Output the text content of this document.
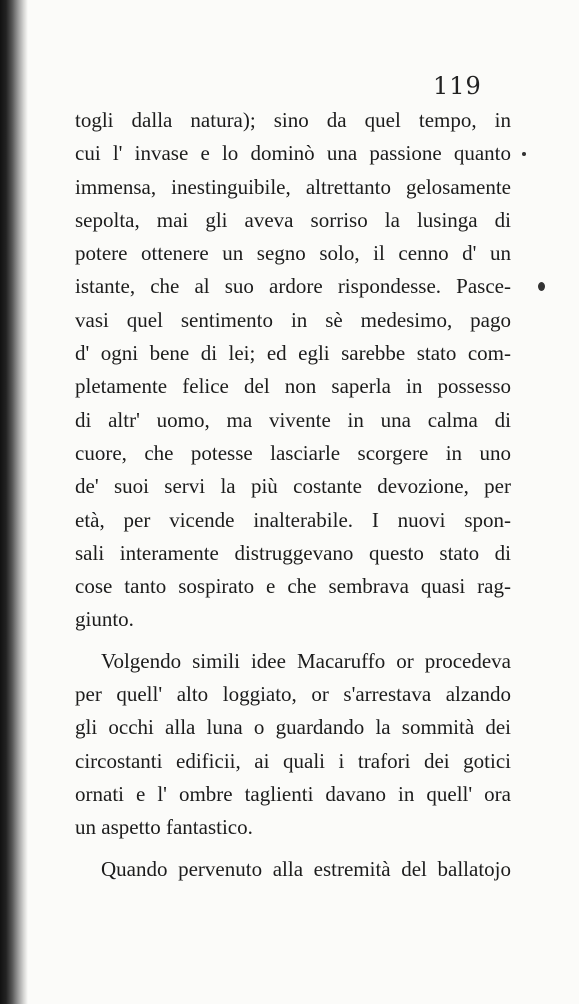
119
togli dalla natura); sino da quel tempo, in
cui l' invase e lo dominò una passione quanto
immensa, inestinguibile, altrettanto gelosamente
sepolta, mai gli aveva sorriso la lusinga di
potere ottenere un segno solo, il cenno d' un
istante, che al suo ardore rispondesse. Pasce-
vasi quel sentimento in sè medesimo, pago
d' ogni bene di lei; ed egli sarebbe stato com-
pletamente felice del non saperla in possesso
di altr' uomo, ma vivente in una calma di
cuore, che potesse lasciarle scorgere in uno
de' suoi servi la più costante devozione, per
età, per vicende inalterabile. I nuovi spon-
sali interamente distruggevano questo stato di
cose tanto sospirato e che sembrava quasi rag-
giunto.
Volgendo simili idee Macaruffo or procedeva
per quell' alto loggiato, or s'arrestava alzando
gli occhi alla luna o guardando la sommità dei
circostanti edificii, ai quali i trafori dei gotici
ornati e l' ombre taglienti davano in quell' ora
un aspetto fantastico.
Quando pervenuto alla estremità del ballatojo
